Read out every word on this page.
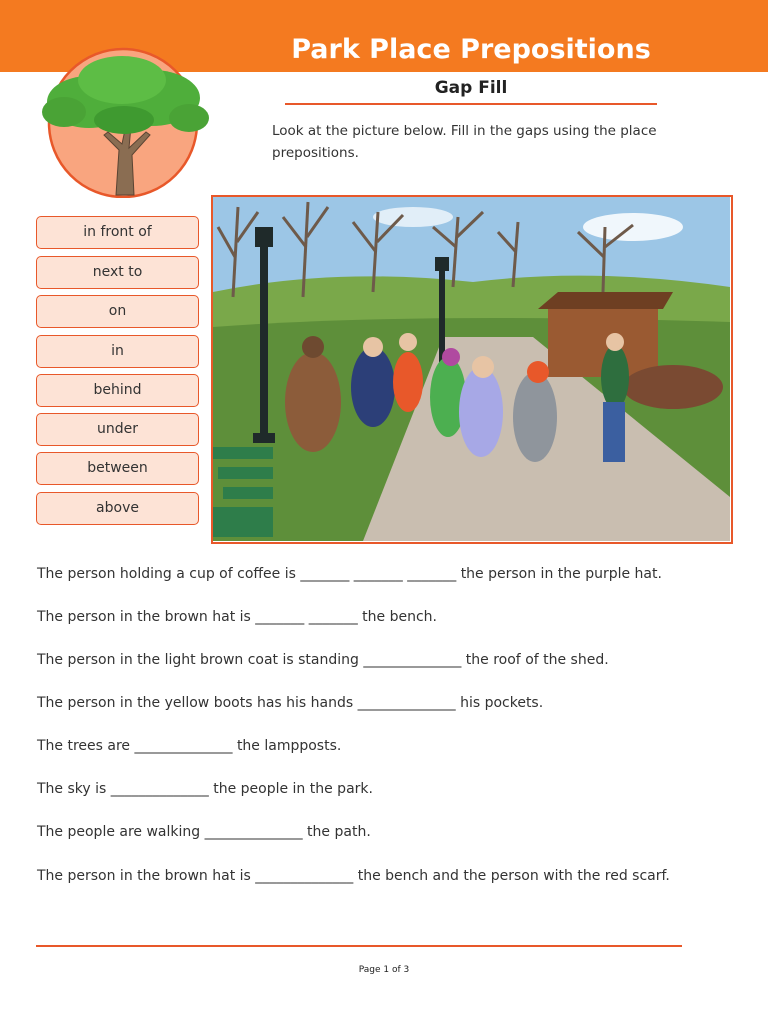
Park Place Prepositions
Gap Fill
Look at the picture below. Fill in the gaps using the place prepositions.
in front of
next to
on
in
behind
under
between
above
The person holding a cup of coffee is _______ _______ _______ the person in the purple hat.
The person in the brown hat is _______ _______ the bench.
The person in the light brown coat is standing ______________ the roof of the shed.
The person in the yellow boots has his hands ______________ his pockets.
The trees are ______________ the lampposts.
The sky is ______________ the people in the park.
The people are walking ______________ the path.
The person in the brown hat is ______________ the bench and the person with the red scarf.
Page 1 of 3
